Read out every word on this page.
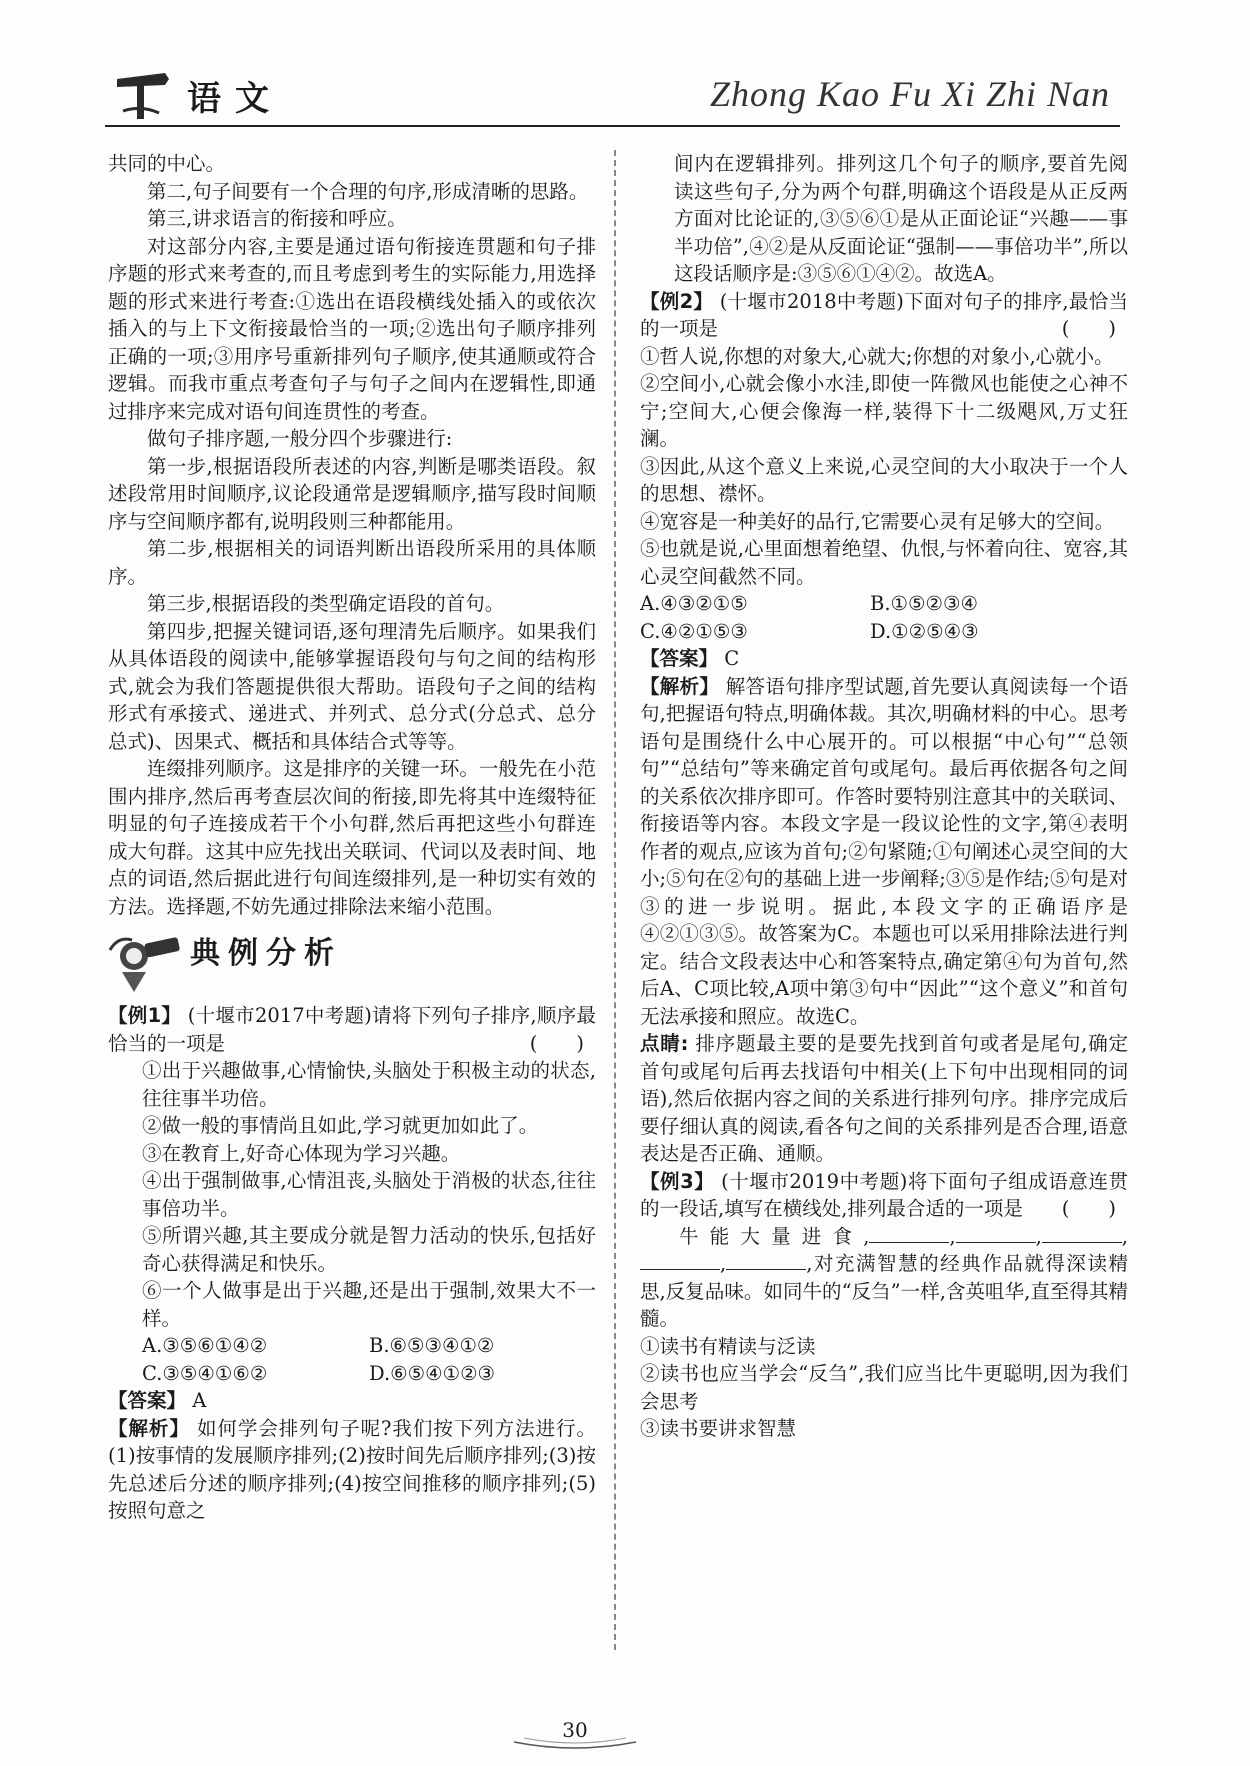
语文	Zhong Kao Fu Xi Zhi Nan

共同的中心。

第二,句子间要有一个合理的句序,形成清晰的思路。

第三,讲求语言的衔接和呼应。

对这部分内容,主要是通过语句衔接连贯题和句子排序题的形式来考查的,而且考虑到考生的实际能力,用选择题的形式来进行考查:①选出在语段横线处插入的或依次插入的与上下文衔接最恰当的一项;②选出句子顺序排列正确的一项;③用序号重新排列句子顺序,使其通顺或符合逻辑。而我市重点考查句子与句子之间内在逻辑性,即通过排序来完成对语句间连贯性的考查。

做句子排序题,一般分四个步骤进行:

第一步,根据语段所表述的内容,判断是哪类语段。叙述段常用时间顺序,议论段通常是逻辑顺序,描写段时间顺序与空间顺序都有,说明段则三种都能用。

第二步,根据相关的词语判断出语段所采用的具体顺序。

第三步,根据语段的类型确定语段的首句。

第四步,把握关键词语,逐句理清先后顺序。如果我们从具体语段的阅读中,能够掌握语段句与句之间的结构形式,就会为我们答题提供很大帮助。语段句子之间的结构形式有承接式、递进式、并列式、总分式(分总式、总分总式)、因果式、概括和具体结合式等等。

连缀排列顺序。这是排序的关键一环。一般先在小范围内排序,然后再考查层次间的衔接,即先将其中连缀特征明显的句子连接成若干个小句群,然后再把这些小句群连成大句群。这其中应先找出关联词、代词以及表时间、地点的词语,然后据此进行句间连缀排列,是一种切实有效的方法。选择题,不妨先通过排除法来缩小范围。

典例分析

【例1】 (十堰市2017中考题)请将下列句子排序,顺序最恰当的一项是	(　　)

①出于兴趣做事,心情愉快,头脑处于积极主动的状态,往往事半功倍。

②做一般的事情尚且如此,学习就更加如此了。

③在教育上,好奇心体现为学习兴趣。

④出于强制做事,心情沮丧,头脑处于消极的状态,往往事倍功半。

⑤所谓兴趣,其主要成分就是智力活动的快乐,包括好奇心获得满足和快乐。

⑥一个人做事是出于兴趣,还是出于强制,效果大不一样。

A.③⑤⑥①④②	B.⑥⑤③④①②
C.③⑤④①⑥②	D.⑥⑤④①②③

【答案】 A

【解析】 如何学会排列句子呢?我们按下列方法进行。(1)按事情的发展顺序排列;(2)按时间先后顺序排列;(3)按先总述后分述的顺序排列;(4)按空间推移的顺序排列;(5)按照句意之

间内在逻辑排列。排列这几个句子的顺序,要首先阅读这些句子,分为两个句群,明确这个语段是从正反两方面对比论证的,③⑤⑥①是从正面论证“兴趣——事半功倍”,④②是从反面论证“强制——事倍功半”,所以这段话顺序是:③⑤⑥①④②。故选A。

【例2】 (十堰市2018中考题)下面对句子的排序,最恰当的一项是	(　　)

①哲人说,你想的对象大,心就大;你想的对象小,心就小。

②空间小,心就会像小水洼,即使一阵微风也能使之心神不宁;空间大,心便会像海一样,装得下十二级飓风,万丈狂澜。

③因此,从这个意义上来说,心灵空间的大小取决于一个人的思想、襟怀。

④宽容是一种美好的品行,它需要心灵有足够大的空间。

⑤也就是说,心里面想着绝望、仇恨,与怀着向往、宽容,其心灵空间截然不同。

A.④③②①⑤	B.①⑤②③④
C.④②①⑤③	D.①②⑤④③

【答案】 C

【解析】 解答语句排序型试题,首先要认真阅读每一个语句,把握语句特点,明确体裁。其次,明确材料的中心。思考语句是围绕什么中心展开的。可以根据“中心句”“总领句”“总结句”等来确定首句或尾句。最后再依据各句之间的关系依次排序即可。作答时要特别注意其中的关联词、衔接语等内容。本段文字是一段议论性的文字,第④表明作者的观点,应该为首句;②句紧随;①句阐述心灵空间的大小;⑤句在②句的基础上进一步阐释;③⑤是作结;⑤句是对③的进一步说明。据此,本段文字的正确语序是④②①③⑤。故答案为C。本题也可以采用排除法进行判定。结合文段表达中心和答案特点,确定第④句为首句,然后A、C项比较,A项中第③句中“因此”“这个意义”和首句无法承接和照应。故选C。

点睛: 排序题最主要的是要先找到首句或者是尾句,确定首句或尾句后再去找语句中相关(上下句中出现相同的词语),然后依据内容之间的关系进行排列句序。排序完成后要仔细认真的阅读,看各句之间的关系排列是否合理,语意表达是否正确、通顺。

【例3】 (十堰市2019中考题)将下面句子组成语意连贯的一段话,填写在横线处,排列最合适的一项是 (　　)

牛能大量进食,	,	,	,,	,对充满智慧的经典作品就得深读精思,反复品味。如同牛的“反刍”一样,含英咀华,直至得其精髓。

①读书有精读与泛读

②读书也应当学会“反刍”,我们应当比牛更聪明,因为我们会思考

③读书要讲求智慧

30
